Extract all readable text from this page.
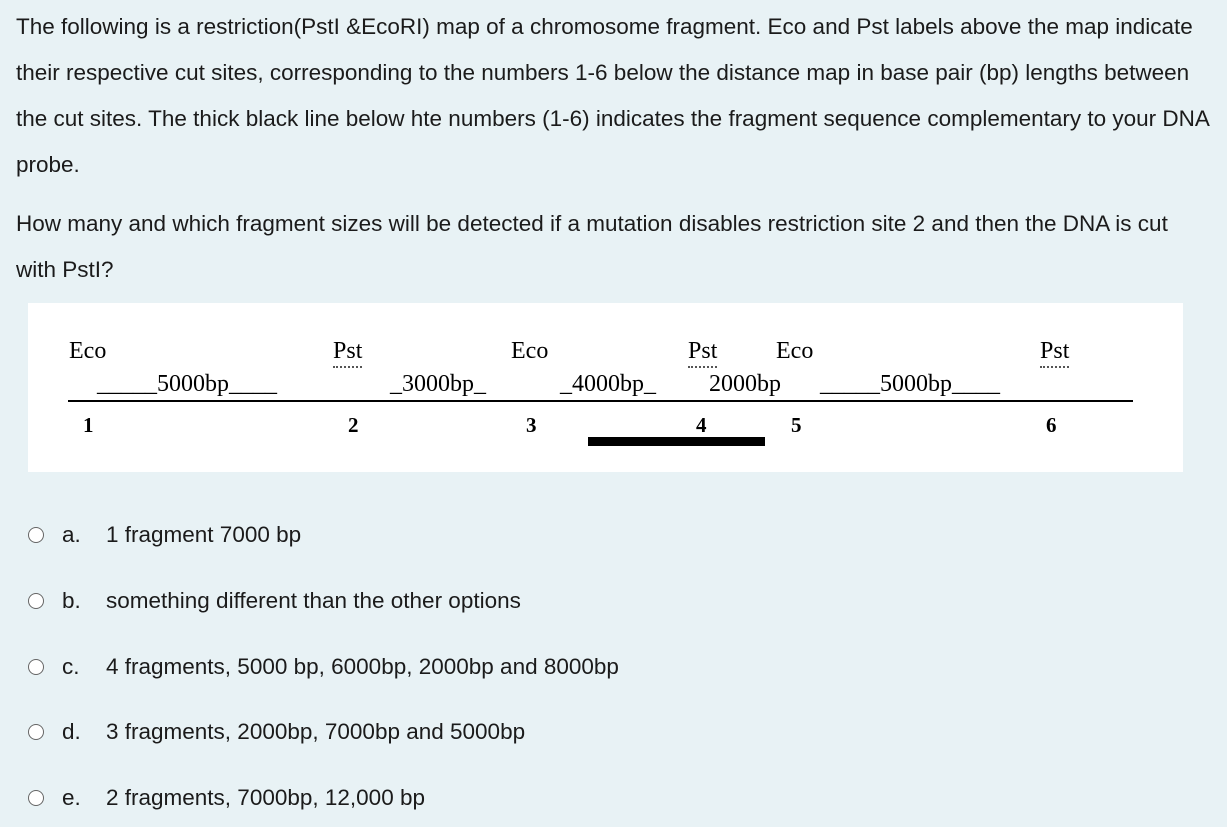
The following is a restriction(PstI &EcoRI) map of a chromosome fragment. Eco and Pst labels above the map indicate their respective cut sites, corresponding to the numbers 1-6 below the distance map in base pair (bp) lengths between the cut sites. The thick black line below hte numbers (1-6) indicates the fragment sequence complementary to your DNA probe.

How many and which fragment sizes will be detected if a mutation disables restriction site 2 and then the DNA is cut with PstI?

Eco	Pst	Eco	Pst Eco	Pst
_____5000bp____	_3000bp_	_4000bp_ 2000bp _____5000bp____
1	2	3	4	5	6
a.	1 fragment 7000 bp
b.	something different than the other options
c.	4 fragments, 5000 bp, 6000bp, 2000bp and 8000bp
d.	3 fragments, 2000bp, 7000bp and 5000bp
e.	2 fragments, 7000bp, 12,000 bp
